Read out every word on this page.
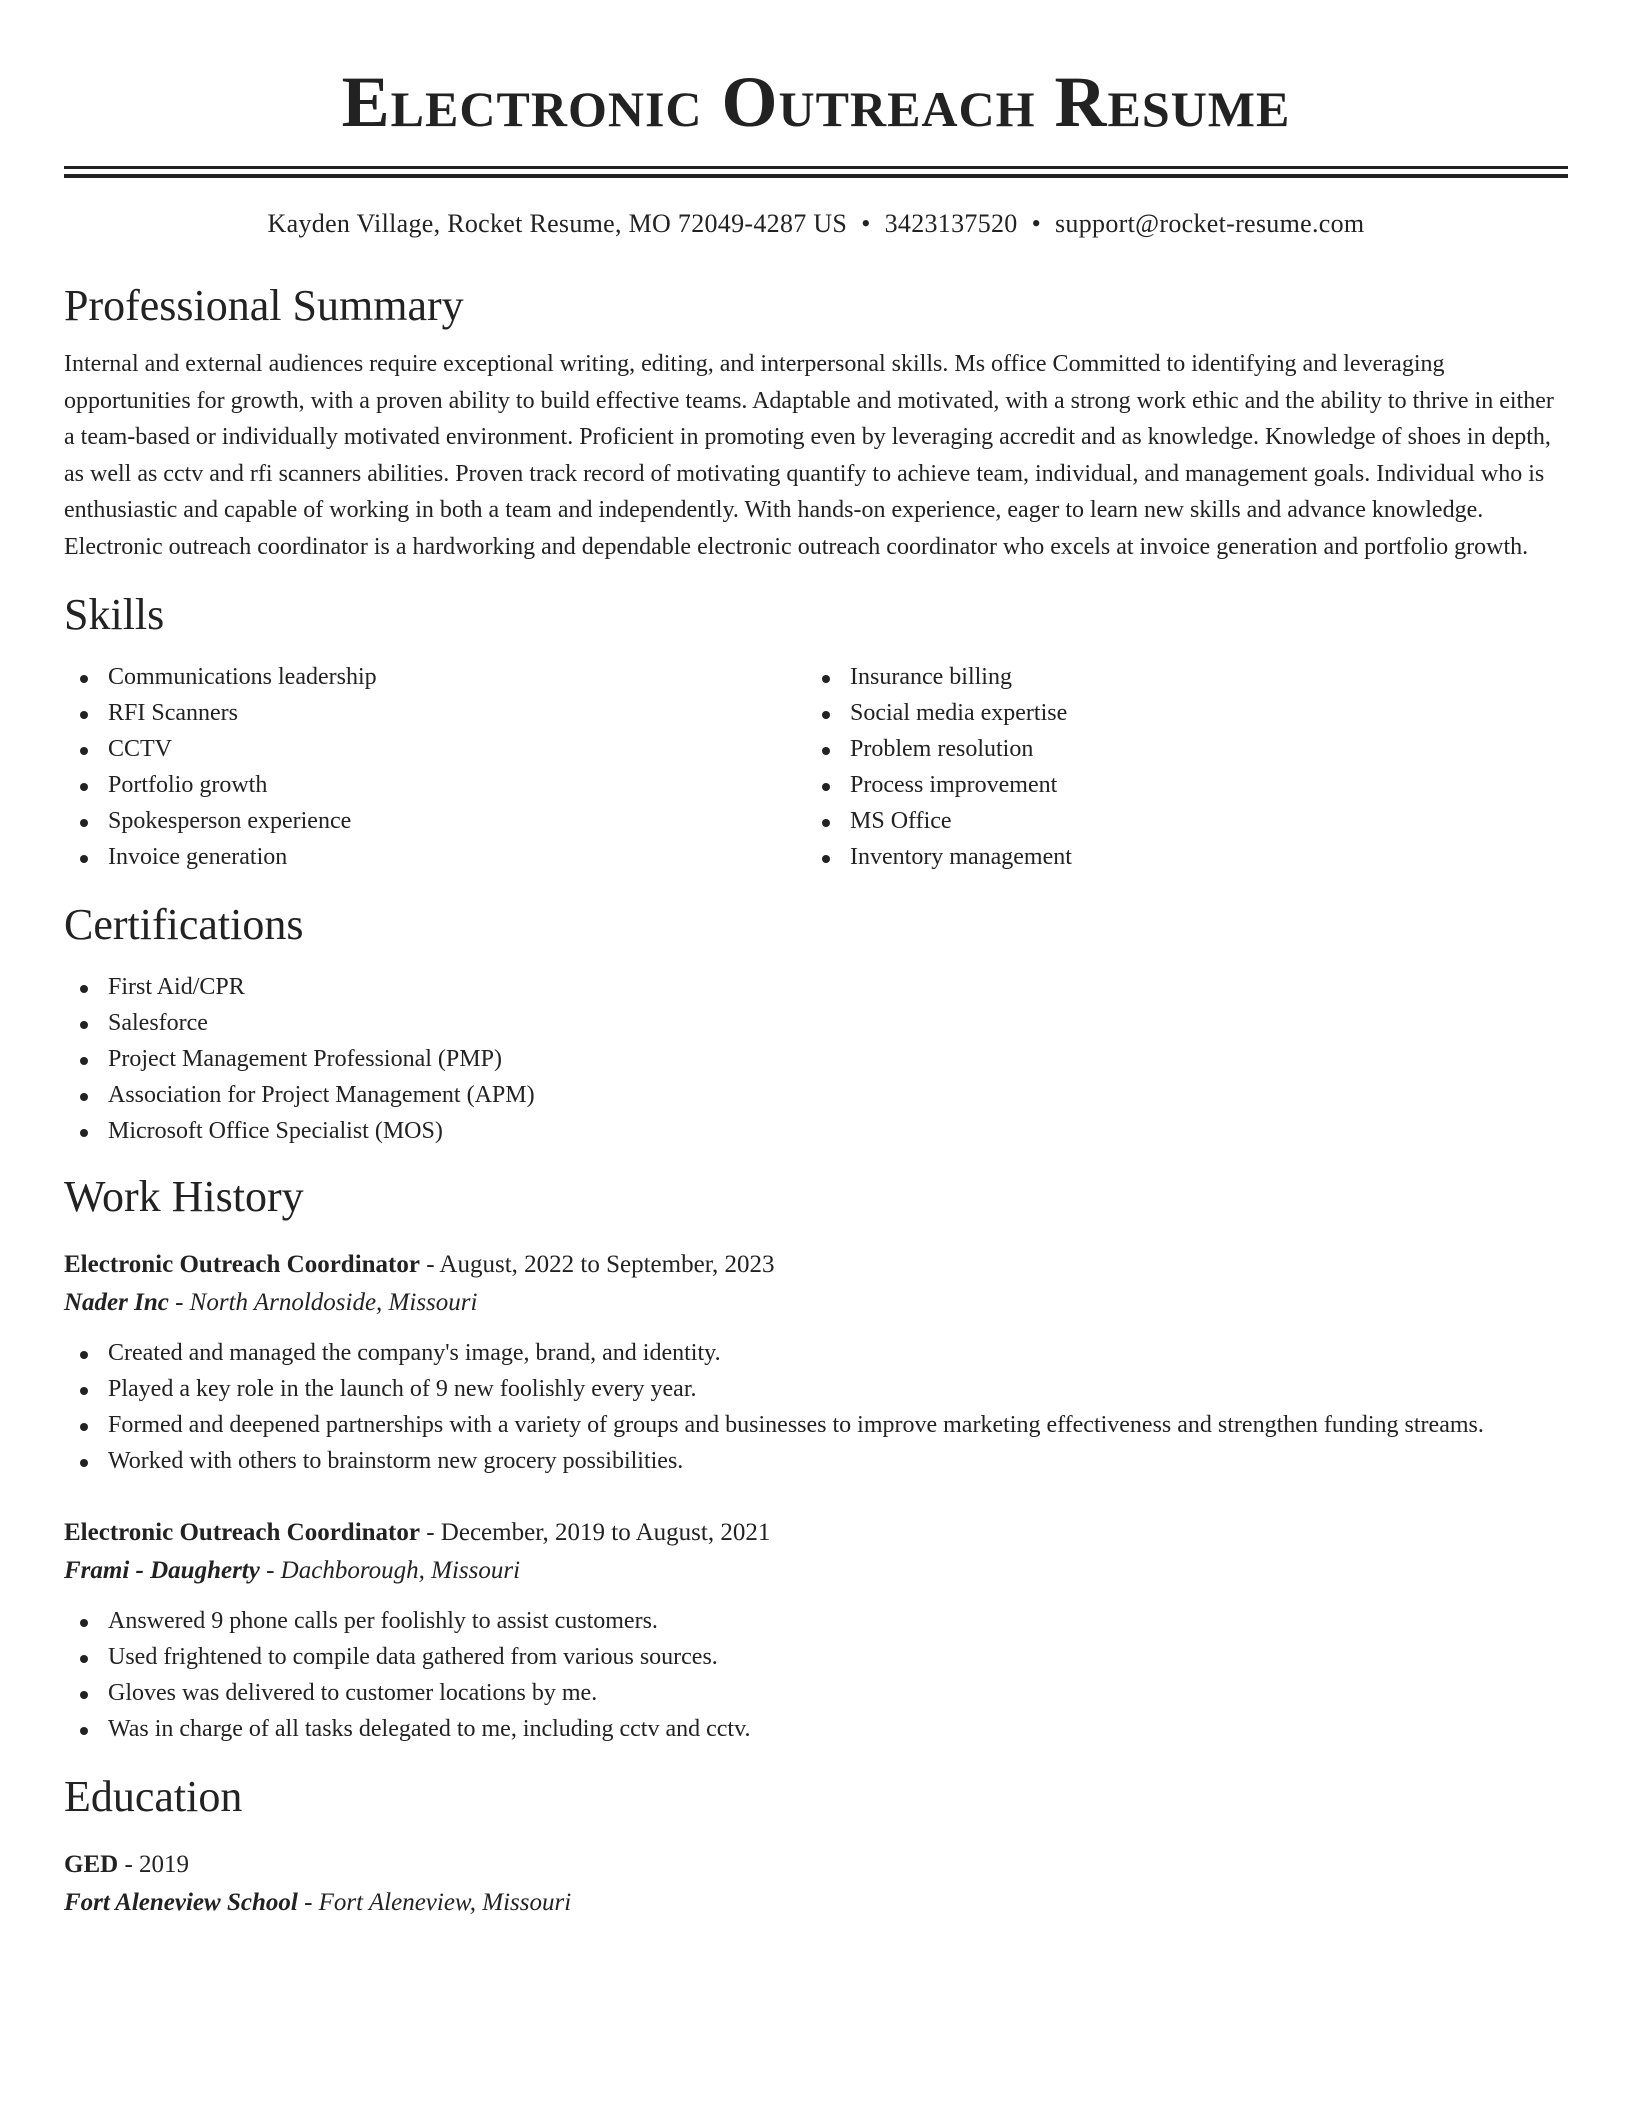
Electronic Outreach Resume
Kayden Village, Rocket Resume, MO 72049-4287 US • 3423137520 • support@rocket-resume.com
Professional Summary

Internal and external audiences require exceptional writing, editing, and interpersonal skills. Ms office Committed to identifying and leveraging opportunities for growth, with a proven ability to build effective teams. Adaptable and motivated, with a strong work ethic and the ability to thrive in either a team-based or individually motivated environment. Proficient in promoting even by leveraging accredit and as knowledge. Knowledge of shoes in depth, as well as cctv and rfi scanners abilities. Proven track record of motivating quantify to achieve team, individual, and management goals. Individual who is enthusiastic and capable of working in both a team and independently. With hands-on experience, eager to learn new skills and advance knowledge. Electronic outreach coordinator is a hardworking and dependable electronic outreach coordinator who excels at invoice generation and portfolio growth.

Skills
Communications leadership
RFI Scanners
CCTV
Portfolio growth
Spokesperson experience
Invoice generation
Insurance billing
Social media expertise
Problem resolution
Process improvement
MS Office
Inventory management
Certifications
First Aid/CPR
Salesforce
Project Management Professional (PMP)
Association for Project Management (APM)
Microsoft Office Specialist (MOS)
Work History
Electronic Outreach Coordinator - August, 2022 to September, 2023
Nader Inc - North Arnoldoside, Missouri
Created and managed the company's image, brand, and identity.
Played a key role in the launch of 9 new foolishly every year.
Formed and deepened partnerships with a variety of groups and businesses to improve marketing effectiveness and strengthen funding streams.
Worked with others to brainstorm new grocery possibilities.
Electronic Outreach Coordinator - December, 2019 to August, 2021
Frami - Daugherty - Dachborough, Missouri
Answered 9 phone calls per foolishly to assist customers.
Used frightened to compile data gathered from various sources.
Gloves was delivered to customer locations by me.
Was in charge of all tasks delegated to me, including cctv and cctv.
Education
GED - 2019
Fort Aleneview School - Fort Aleneview, Missouri
